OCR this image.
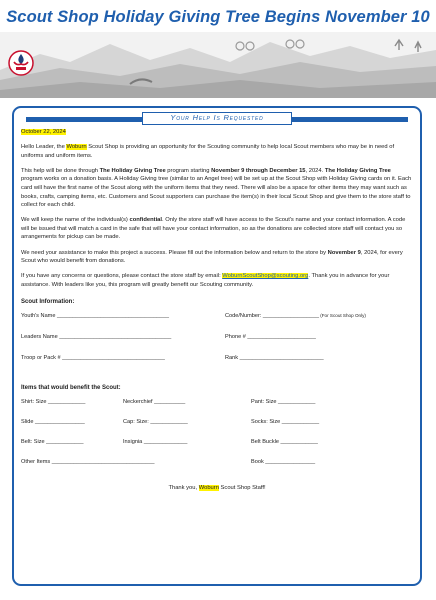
Scout Shop Holiday Giving Tree Begins November 10
Your Help Is Requested

October 22, 2024

Hello Leader, the Woburn Scout Shop is providing an opportunity for the Scouting community to help local Scout members who may be in need of uniforms and uniform items.

This help will be done through The Holiday Giving Tree program starting November 9 through December 15, 2024. The Holiday Giving Tree program works on a donation basis. A Holiday Giving tree (similar to an Angel tree) will be set up at the Scout Shop with Holiday Giving cards on it. Each card will have the first name of the Scout along with the uniform items that they need. There will also be a space for other items they may want such as books, crafts, camping items, etc. Customers and Scout supporters can purchase the item(s) in their local Scout Shop and give them to the store staff to collect for each child.

We will keep the name of the individual(s) confidential. Only the store staff will have access to the Scout's name and your contact information. A code will be issued that will match a card in the safe that will have your contact information, so as the donations are collected store staff will contact you so arrangements for pickup can be made.

We need your assistance to make this project a success. Please fill out the information below and return to the store by November 9, 2024, for every Scout who would benefit from donations.

If you have any concerns or questions, please contact the store staff by email: WoburnScoutShop@scouting.org. Thank you in advance for your assistance. With leaders like you, this program will greatly benefit our Scouting community.

Scout Information:
Youth's Name ____________________________________	Code/Number: __________________ (For Scout Shop Only)
Leaders Name ____________________________________	Phone # ______________________
Troop or Pack # _________________________________	Rank ___________________________
Items that would benefit the Scout:
Shirt: Size ____________	Neckerchief __________	Pant: Size ____________
Slide ________________	Cap: Size: ____________	Socks: Size ____________
Belt: Size ____________	Insignia ______________	Belt Buckle ____________
Other Items _________________________________	Book ________________
Thank you, Woburn Scout Shop Staff!
